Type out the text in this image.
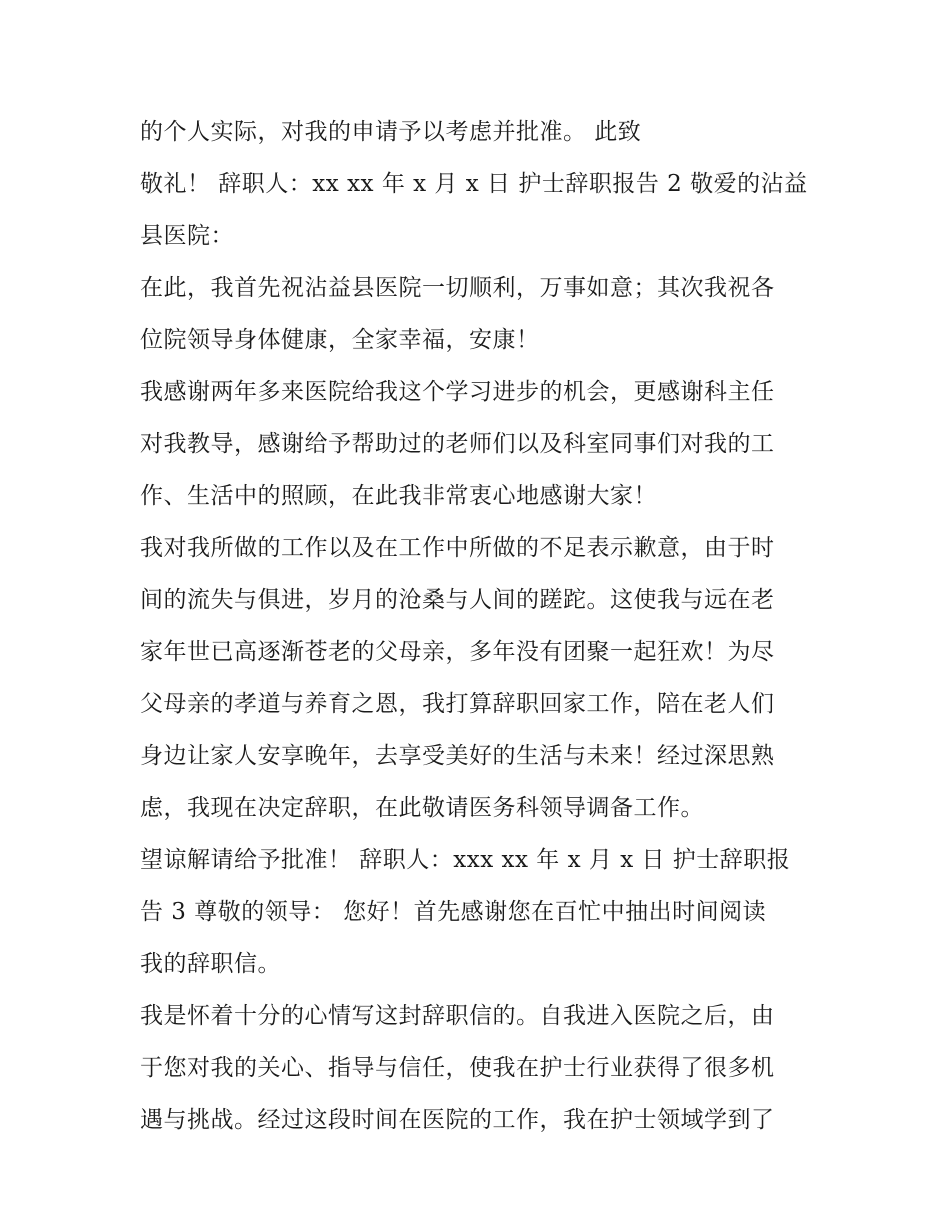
的个人实际，对我的申请予以考虑并批准。 此致
敬礼！ 辞职人：xx xx 年 x 月 x 日 护士辞职报告 2 敬爱的沾益
县医院：
在此，我首先祝沾益县医院一切顺利，万事如意；其次我祝各
位院领导身体健康，全家幸福，安康！
我感谢两年多来医院给我这个学习进步的机会，更感谢科主任
对我教导，感谢给予帮助过的老师们以及科室同事们对我的工
作、生活中的照顾，在此我非常衷心地感谢大家！
我对我所做的工作以及在工作中所做的不足表示歉意，由于时
间的流失与俱进，岁月的沧桑与人间的蹉跎。这使我与远在老
家年世已高逐渐苍老的父母亲，多年没有团聚一起狂欢！为尽
父母亲的孝道与养育之恩，我打算辞职回家工作，陪在老人们
身边让家人安享晚年，去享受美好的生活与未来！经过深思熟
虑，我现在决定辞职，在此敬请医务科领导调备工作。
望谅解请给予批准！ 辞职人：xxx xx 年 x 月 x 日 护士辞职报
告 3 尊敬的领导： 您好！首先感谢您在百忙中抽出时间阅读
我的辞职信。
我是怀着十分的心情写这封辞职信的。自我进入医院之后，由
于您对我的关心、指导与信任，使我在护士行业获得了很多机
遇与挑战。经过这段时间在医院的工作，我在护士领域学到了
